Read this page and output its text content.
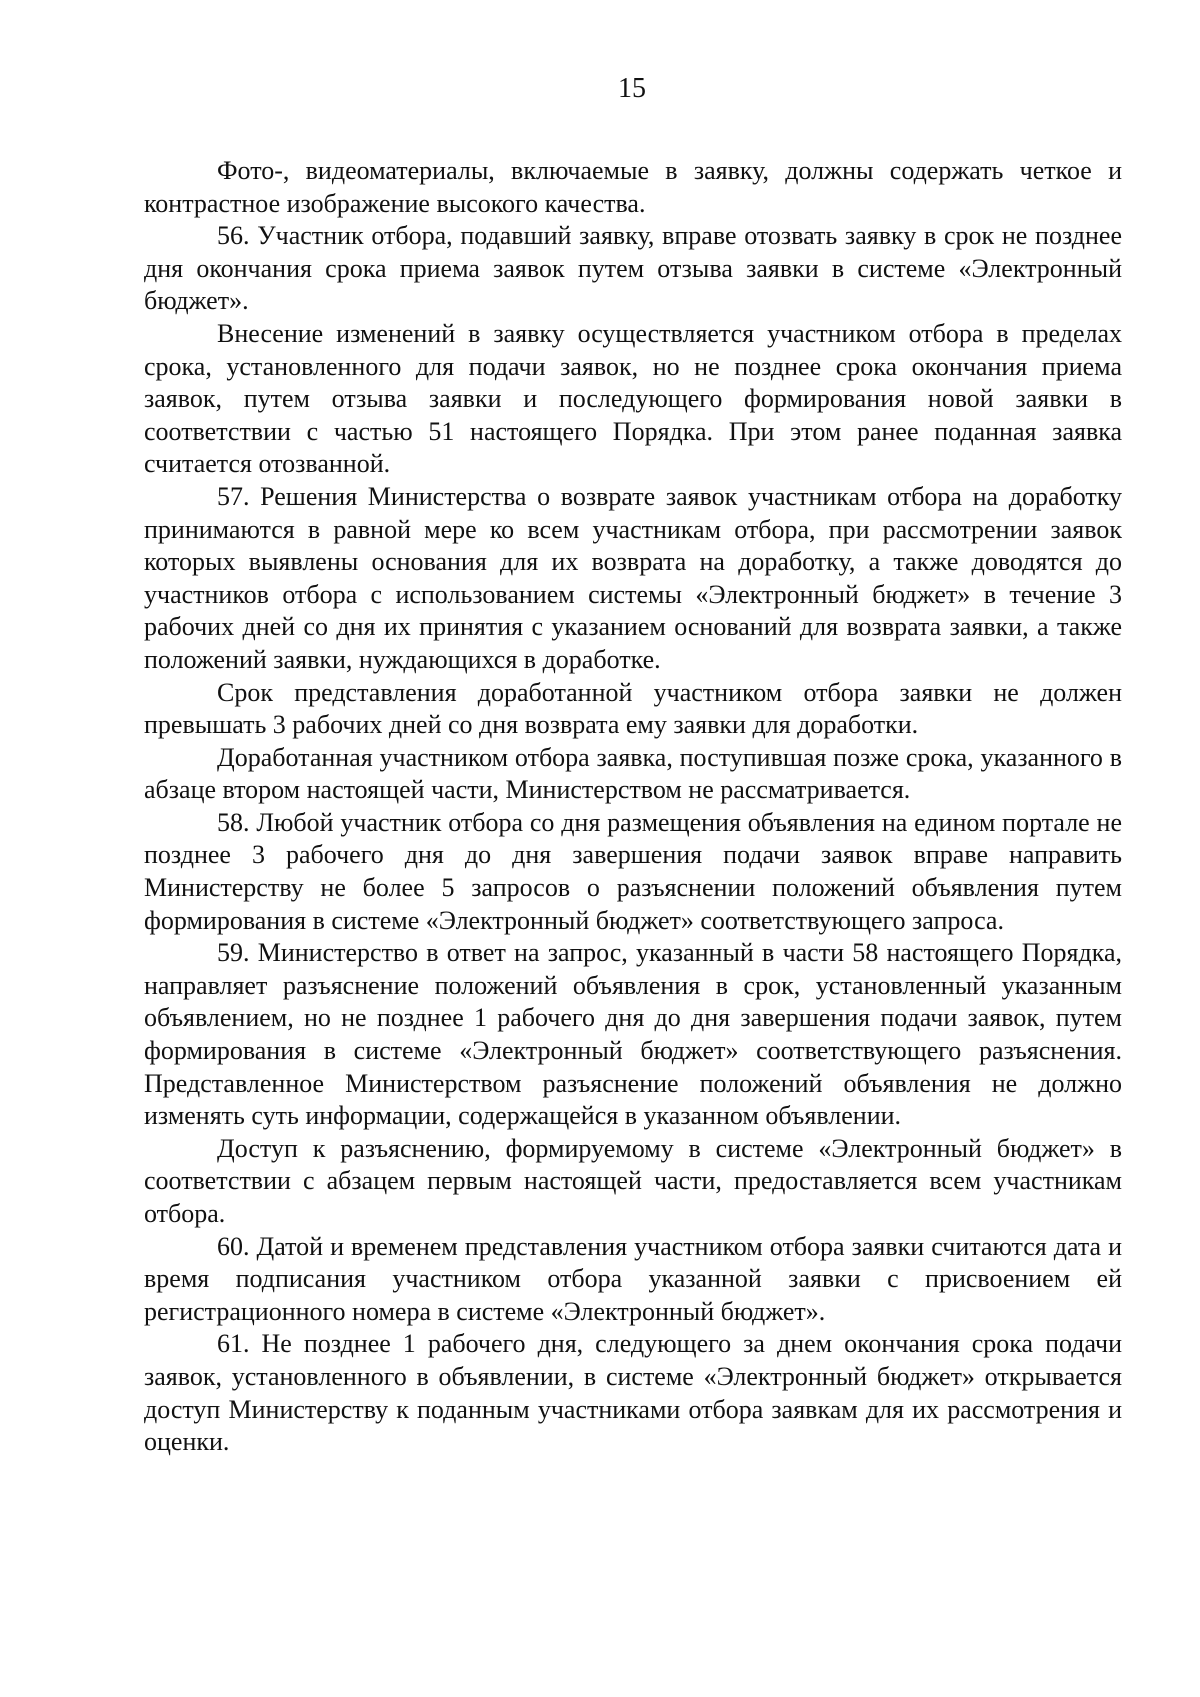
15

Фото-, видеоматериалы, включаемые в заявку, должны содержать четкое и контрастное изображение высокого качества.

56. Участник отбора, подавший заявку, вправе отозвать заявку в срок не позднее дня окончания срока приема заявок путем отзыва заявки в системе «Электронный бюджет».

Внесение изменений в заявку осуществляется участником отбора в пределах срока, установленного для подачи заявок, но не позднее срока окончания приема заявок, путем отзыва заявки и последующего формирования новой заявки в соответствии с частью 51 настоящего Порядка. При этом ранее поданная заявка считается отозванной.

57. Решения Министерства о возврате заявок участникам отбора на доработку принимаются в равной мере ко всем участникам отбора, при рассмотрении заявок которых выявлены основания для их возврата на доработку, а также доводятся до участников отбора с использованием системы «Электронный бюджет» в течение 3 рабочих дней со дня их принятия с указанием оснований для возврата заявки, а также положений заявки, нуждающихся в доработке.

Срок представления доработанной участником отбора заявки не должен превышать 3 рабочих дней со дня возврата ему заявки для доработки.

Доработанная участником отбора заявка, поступившая позже срока, указанного в абзаце втором настоящей части, Министерством не рассматривается.

58. Любой участник отбора со дня размещения объявления на едином портале не позднее 3 рабочего дня до дня завершения подачи заявок вправе направить Министерству не более 5 запросов о разъяснении положений объявления путем формирования в системе «Электронный бюджет» соответствующего запроса.

59. Министерство в ответ на запрос, указанный в части 58 настоящего Порядка, направляет разъяснение положений объявления в срок, установленный указанным объявлением, но не позднее 1 рабочего дня до дня завершения подачи заявок, путем формирования в системе «Электронный бюджет» соответствующего разъяснения. Представленное Министерством разъяснение положений объявления не должно изменять суть информации, содержащейся в указанном объявлении.

Доступ к разъяснению, формируемому в системе «Электронный бюджет» в соответствии с абзацем первым настоящей части, предоставляется всем участникам отбора.

60. Датой и временем представления участником отбора заявки считаются дата и время подписания участником отбора указанной заявки с присвоением ей регистрационного номера в системе «Электронный бюджет».

61. Не позднее 1 рабочего дня, следующего за днем окончания срока подачи заявок, установленного в объявлении, в системе «Электронный бюджет» открывается доступ Министерству к поданным участниками отбора заявкам для их рассмотрения и оценки.
